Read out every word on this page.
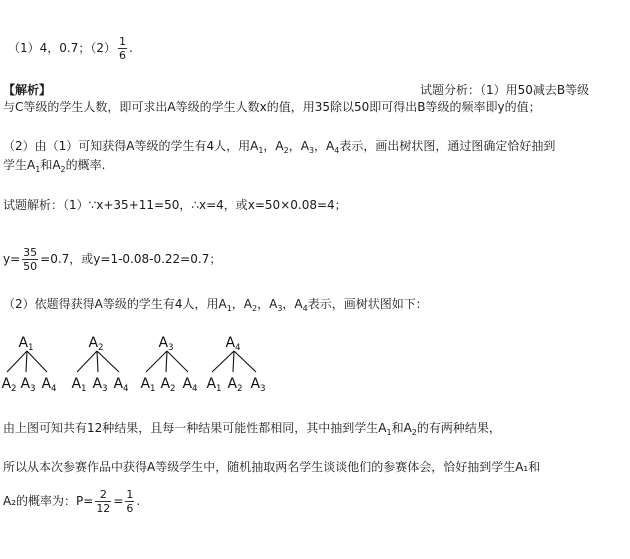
（1）4，0.7；$(2) \frac{1}{6}$ .
【解析】	试题分析：（1）用50减去B等级
与C等级的学生人数，即可求出A等级的学生人数x的值，用35除以50即可得出B等级的频率即y的值；
（2）由（1）可知获得A等级的学生有4人，用$A_1$，$A_2$，$A_3$，$A_4$表示，画出树状图，通过图确定恰好抽到
学生$A_1$和$A_2$的概率.
试题解析：（1）∵x+35+11=50，∴x=4，或x=50×0.08=4；
$y= \frac{35}{50} =0.7$，或y=1-0.08-0.22=0.7；
（2）依题得获得A等级的学生有4人，用$A_1$，$A_2$，$A_3$，$A_4$表示，画树状图如下：
$A_1$
$A_2$ $A_3$ $A_4$
$A_2$
$A_1$ $A_3$ $A_4$
$A_3$
$A_1$ $A_2$ $A_4$
$A_4$
$A_1$ $A_2$ $A_3$
由上图可知共有12种结果，且每一种结果可能性都相同，其中抽到学生$A_1$和$A_2$的有两种结果，
所以从本次参赛作品中获得A等级学生中，随机抽取两名学生谈谈他们的参赛体会，恰好抽到学生A₁和
A₂的概率为：$P= \frac{2}{12} = \frac{1}{6}$ .
